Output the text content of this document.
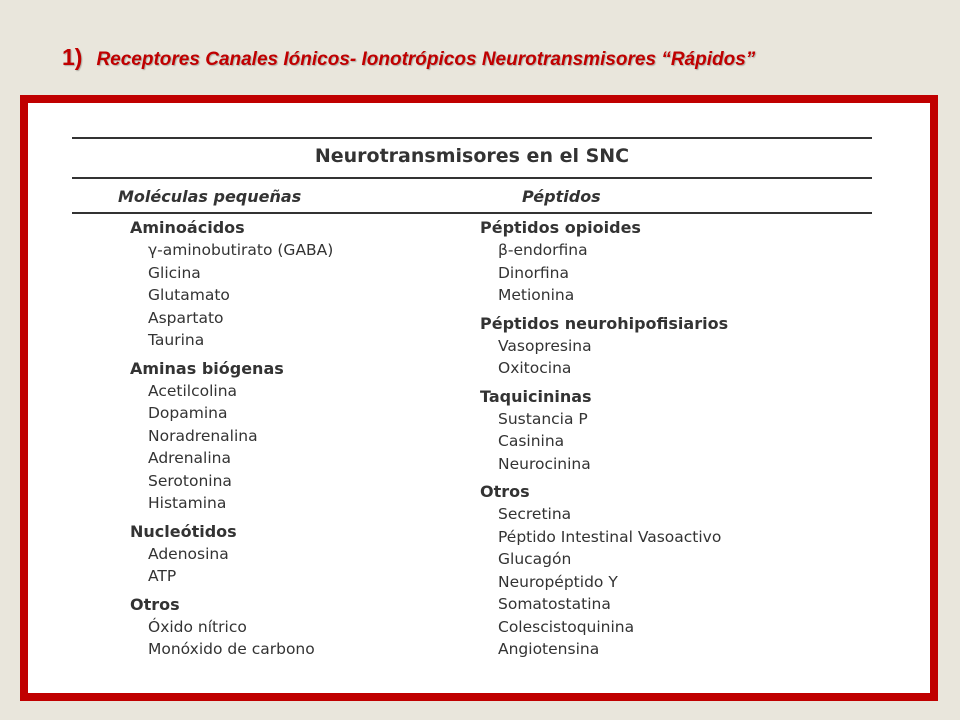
1) Receptores Canales Iónicos- Ionotrópicos Neurotransmisores “Rápidos”
Neurotransmisores en el SNC
Moléculas pequeñas	Péptidos
Aminoácidos
γ-aminobutirato (GABA)
Glicina
Glutamato
Aspartato
Taurina
Aminas biógenas
Acetilcolina
Dopamina
Noradrenalina
Adrenalina
Serotonina
Histamina
Nucleótidos
Adenosina
ATP
Otros
Óxido nítrico
Monóxido de carbono
Péptidos opioides
β-endorfina
Dinorfina
Metionina
Péptidos neurohipofisiarios
Vasopresina
Oxitocina
Taquicininas
Sustancia P
Casinina
Neurocinina
Otros
Secretina
Péptido Intestinal Vasoactivo
Glucagón
Neuropéptido Y
Somatostatina
Colescistoquinina
Angiotensina
